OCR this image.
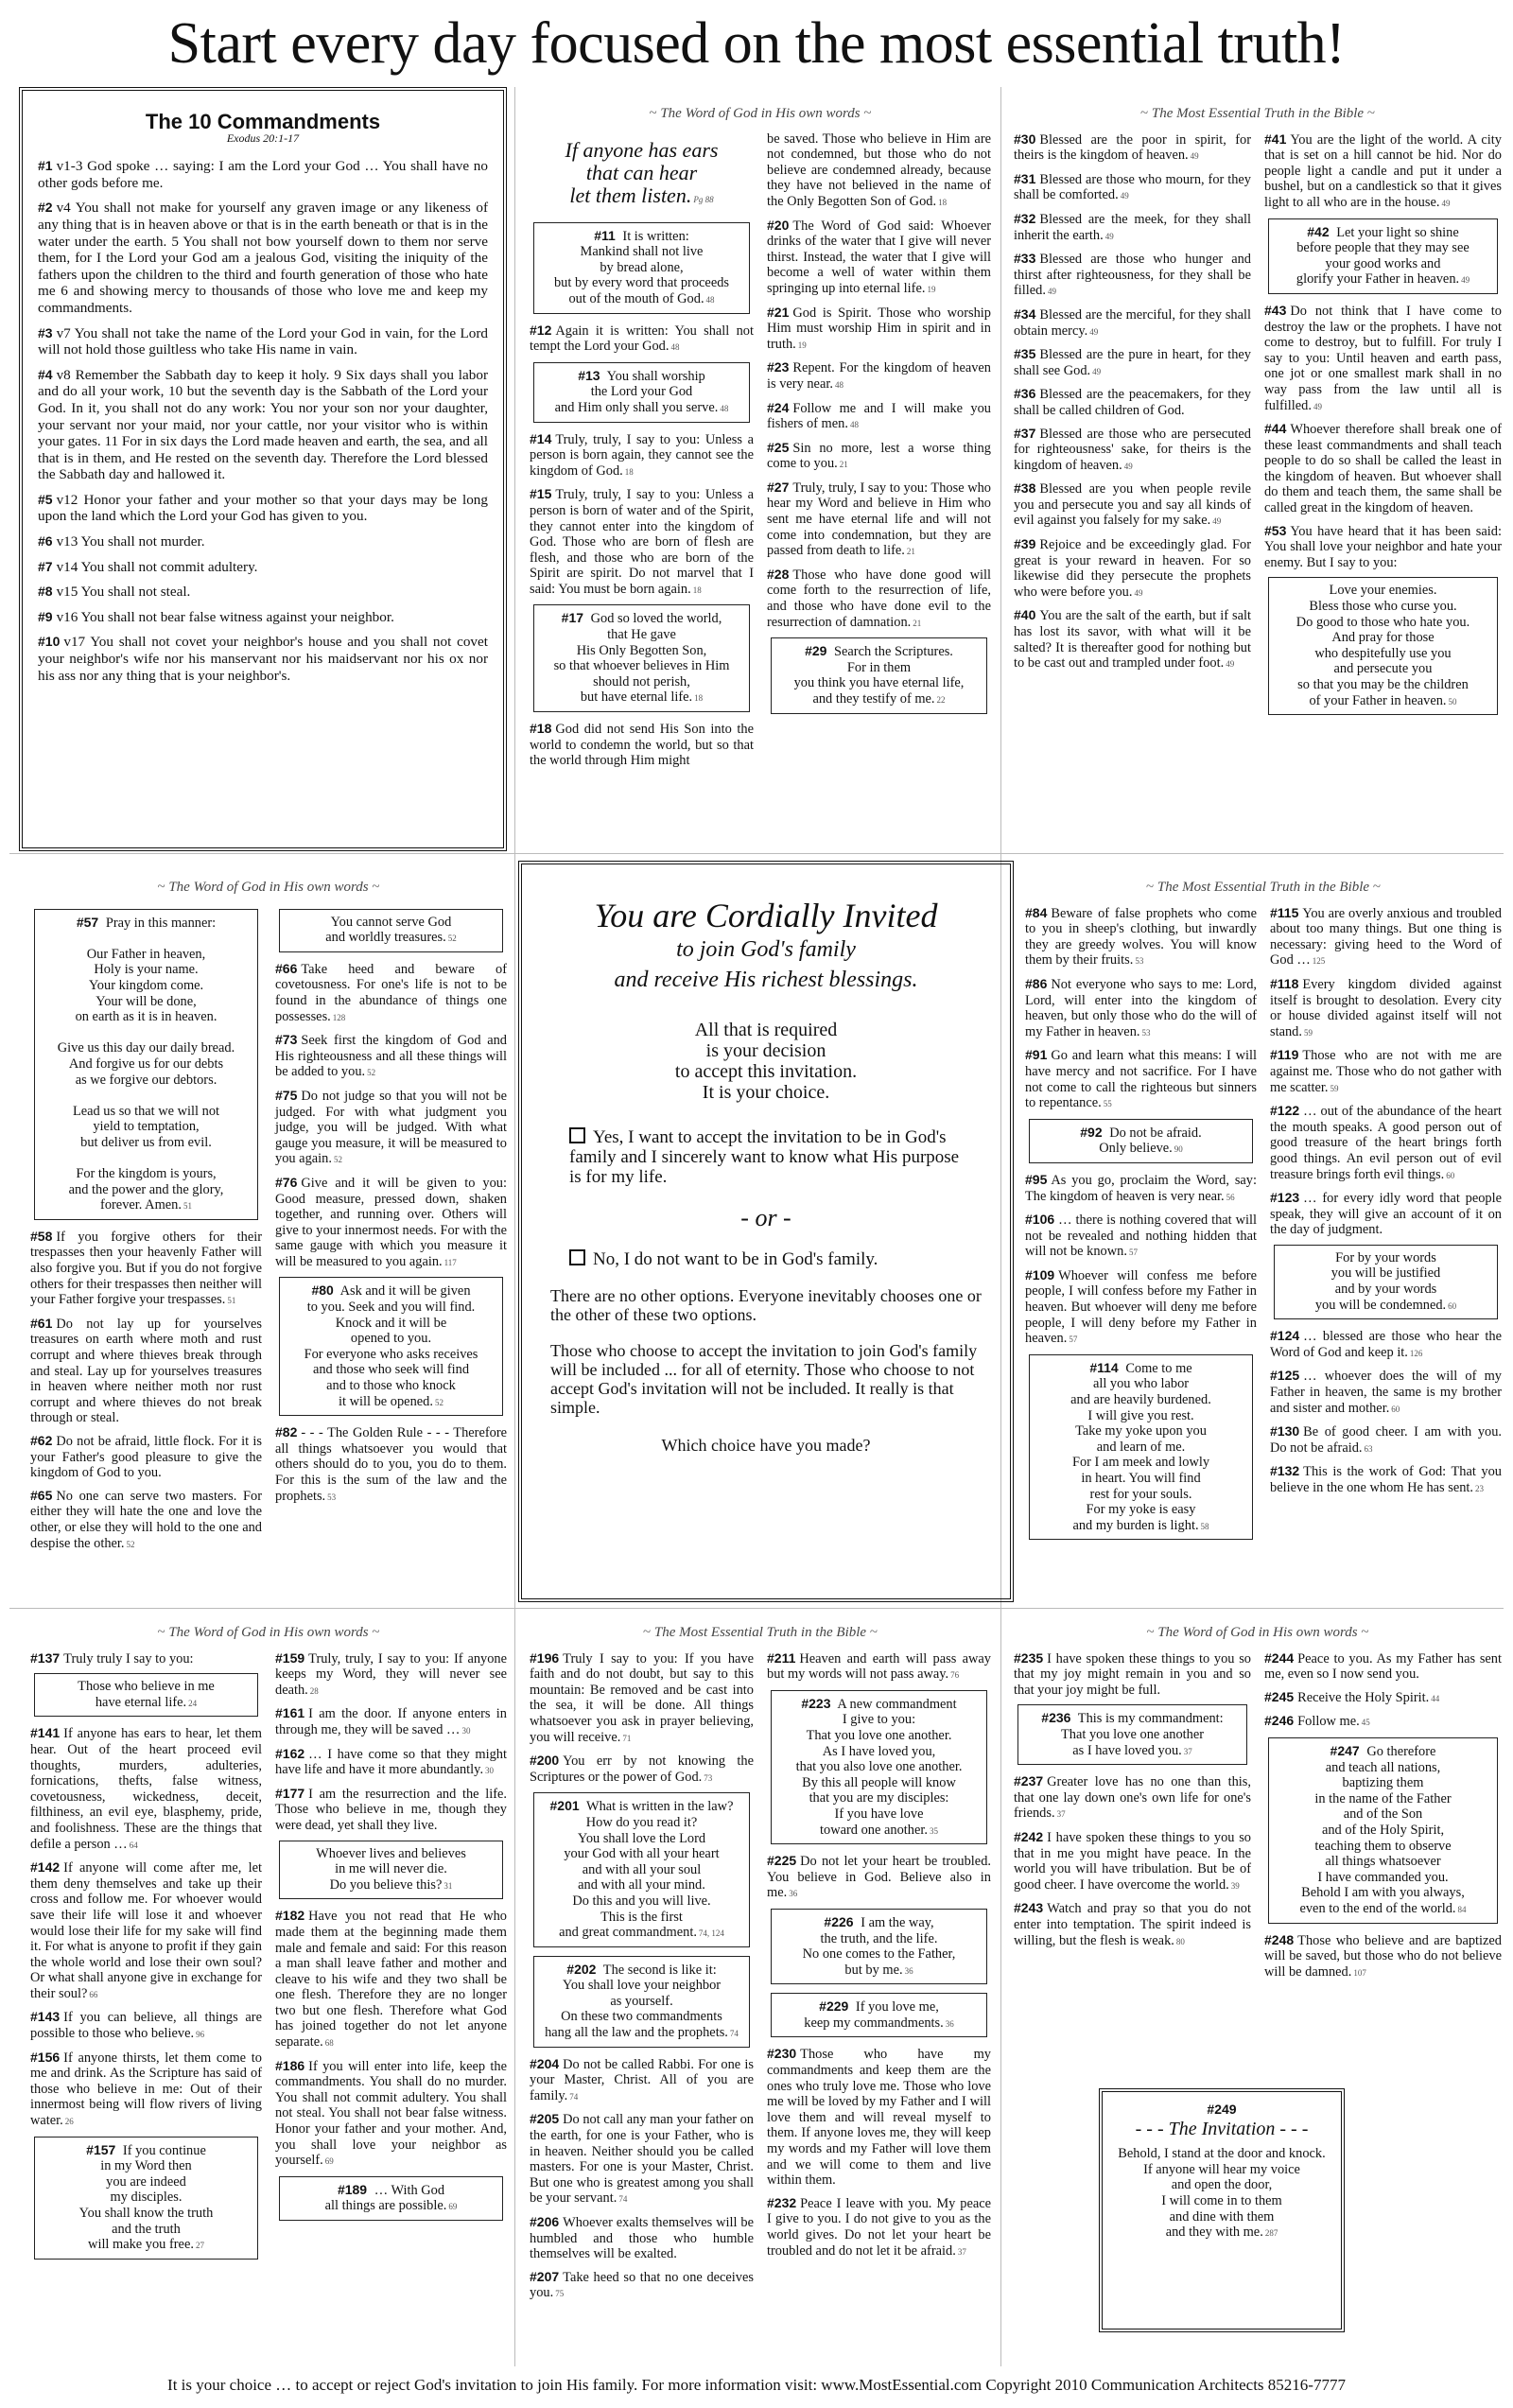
Start every day focused on the most essential truth!
The 10 Commandments
Exodus 20:1-17
#1 v1-3 God spoke … saying: I am the Lord your God … You shall have no other gods before me.
#2 v4 You shall not make for yourself any graven image or any likeness of any thing that is in heaven above or that is in the earth beneath or that is in the water under the earth. 5 You shall not bow yourself down to them nor serve them, for I the Lord your God am a jealous God, visiting the iniquity of the fathers upon the children to the third and fourth generation of those who hate me 6 and showing mercy to thousands of those who love me and keep my commandments.
#3 v7 You shall not take the name of the Lord your God in vain, for the Lord will not hold those guiltless who take His name in vain.
#4 v8 Remember the Sabbath day to keep it holy. 9 Six days shall you labor and do all your work, 10 but the seventh day is the Sabbath of the Lord your God. In it, you shall not do any work: You nor your son nor your daughter, your servant nor your maid, nor your cattle, nor your visitor who is within your gates. 11 For in six days the Lord made heaven and earth, the sea, and all that is in them, and He rested on the seventh day. Therefore the Lord blessed the Sabbath day and hallowed it.
#5 v12 Honor your father and your mother so that your days may be long upon the land which the Lord your God has given to you.
#6 v13 You shall not murder.
#7 v14 You shall not commit adultery.
#8 v15 You shall not steal.
#9 v16 You shall not bear false witness against your neighbor.
#10 v17 You shall not covet your neighbor's house and you shall not covet your neighbor's wife nor his manservant nor his maidservant nor his ox nor his ass nor any thing that is your neighbor's.
~ The Word of God in His own words ~
If anyone has ears
that can hear
let them listen. Pg 88
#11 It is written:
Mankind shall not live
by bread alone,
but by every word that proceeds
out of the mouth of God. 48
#12 Again it is written: You shall not tempt the Lord your God. 48
#13 You shall worship
the Lord your God
and Him only shall you serve. 48
#14 Truly, truly, I say to you: Unless a person is born again, they cannot see the kingdom of God. 18
#15 Truly, truly, I say to you: Unless a person is born of water and of the Spirit, they cannot enter into the kingdom of God. Those who are born of flesh are flesh, and those who are born of the Spirit are spirit. Do not marvel that I said: You must be born again. 18
#17 God so loved the world,
that He gave
His Only Begotten Son,
so that whoever believes in Him
should not perish,
but have eternal life. 18
#18 God did not send His Son into the world to condemn the world, but so that the world through Him might
be saved. Those who believe in Him are not condemned, but those who do not believe are condemned already, because they have not believed in the name of the Only Begotten Son of God. 18
#20 The Word of God said: Whoever drinks of the water that I give will never thirst. Instead, the water that I give will become a well of water within them springing up into eternal life. 19
#21 God is Spirit. Those who worship Him must worship Him in spirit and in truth. 19
#23 Repent. For the kingdom of heaven is very near. 48
#24 Follow me and I will make you fishers of men. 48
#25 Sin no more, lest a worse thing come to you. 21
#27 Truly, truly, I say to you: Those who hear my Word and believe in Him who sent me have eternal life and will not come into condemnation, but they are passed from death to life. 21
#28 Those who have done good will come forth to the resurrection of life, and those who have done evil to the resurrection of damnation. 21
#29 Search the Scriptures.
For in them
you think you have eternal life,
and they testify of me. 22
~ The Most Essential Truth in the Bible ~
#30 Blessed are the poor in spirit, for theirs is the kingdom of heaven. 49
#31 Blessed are those who mourn, for they shall be comforted. 49
#32 Blessed are the meek, for they shall inherit the earth. 49
#33 Blessed are those who hunger and thirst after righteousness, for they shall be filled. 49
#34 Blessed are the merciful, for they shall obtain mercy. 49
#35 Blessed are the pure in heart, for they shall see God. 49
#36 Blessed are the peacemakers, for they shall be called children of God.
#37 Blessed are those who are persecuted for righteousness' sake, for theirs is the kingdom of heaven. 49
#38 Blessed are you when people revile you and persecute you and say all kinds of evil against you falsely for my sake. 49
#39 Rejoice and be exceedingly glad. For great is your reward in heaven. For so likewise did they persecute the prophets who were before you. 49
#40 You are the salt of the earth, but if salt has lost its savor, with what will it be salted? It is thereafter good for nothing but to be cast out and trampled under foot. 49
#41 You are the light of the world. A city that is set on a hill cannot be hid. Nor do people light a candle and put it under a bushel, but on a candlestick so that it gives light to all who are in the house. 49
#42 Let your light so shine
before people that they may see
your good works and
glorify your Father in heaven. 49
#43 Do not think that I have come to destroy the law or the prophets. I have not come to destroy, but to fulfill. For truly I say to you: Until heaven and earth pass, one jot or one smallest mark shall in no way pass from the law until all is fulfilled. 49
#44 Whoever therefore shall break one of these least commandments and shall teach people to do so shall be called the least in the kingdom of heaven. But whoever shall do them and teach them, the same shall be called great in the kingdom of heaven.
#53 You have heard that it has been said: You shall love your neighbor and hate your enemy. But I say to you:
Love your enemies.
Bless those who curse you.
Do good to those who hate you.
And pray for those
who despitefully use you
and persecute you
so that you may be the children
of your Father in heaven. 50
~ The Word of God in His own words ~
#57 Pray in this manner:

Our Father in heaven,
Holy is your name.
Your kingdom come.
Your will be done,
on earth as it is in heaven.

Give us this day our daily bread.
And forgive us for our debts
as we forgive our debtors.

Lead us so that we will not
yield to temptation,
but deliver us from evil.

For the kingdom is yours,
and the power and the glory,
forever. Amen. 51
#58 If you forgive others for their trespasses then your heavenly Father will also forgive you. But if you do not forgive others for their trespasses then neither will your Father forgive your trespasses. 51
#61 Do not lay up for yourselves treasures on earth where moth and rust corrupt and where thieves break through and steal. Lay up for yourselves treasures in heaven where neither moth nor rust corrupt and where thieves do not break through or steal.
#62 Do not be afraid, little flock. For it is your Father's good pleasure to give the kingdom of God to you.
#65 No one can serve two masters. For either they will hate the one and love the other, or else they will hold to the one and despise the other. 52
You cannot serve God
and worldly treasures. 52
#66 Take heed and beware of covetousness. For one's life is not to be found in the abundance of things one possesses. 128
#73 Seek first the kingdom of God and His righteousness and all these things will be added to you. 52
#75 Do not judge so that you will not be judged. For with what judgment you judge, you will be judged. With what gauge you measure, it will be measured to you again. 52
#76 Give and it will be given to you: Good measure, pressed down, shaken together, and running over. Others will give to your innermost needs. For with the same gauge with which you measure it will be measured to you again. 117
#80 Ask and it will be given
to you. Seek and you will find.
Knock and it will be
opened to you.
For everyone who asks receives
and those who seek will find
and to those who knock
it will be opened. 52
#82 - - - The Golden Rule - - - Therefore all things whatsoever you would that others should do to you, you do to them. For this is the sum of the law and the prophets. 53
You are Cordially Invited
to join God's family
and receive His richest blessings.
All that is required
is your decision
to accept this invitation.
It is your choice.
Yes, I want to accept the invitation to be in God's family and I sincerely want to know what His purpose is for my life.
- or -
No, I do not want to be in God's family.
There are no other options. Everyone inevitably chooses one or the other of these two options.
Those who choose to accept the invitation to join God's family will be included ... for all of eternity. Those who choose to not accept God's invitation will not be included. It really is that simple.
Which choice have you made?
~ The Most Essential Truth in the Bible ~
#84 Beware of false prophets who come to you in sheep's clothing, but inwardly they are greedy wolves. You will know them by their fruits. 53
#86 Not everyone who says to me: Lord, Lord, will enter into the kingdom of heaven, but only those who do the will of my Father in heaven. 53
#91 Go and learn what this means: I will have mercy and not sacrifice. For I have not come to call the righteous but sinners to repentance. 55
#92 Do not be afraid.
Only believe. 90
#95 As you go, proclaim the Word, say: The kingdom of heaven is very near. 56
#106 … there is nothing covered that will not be revealed and nothing hidden that will not be known. 57
#109 Whoever will confess me before people, I will confess before my Father in heaven. But whoever will deny me before people, I will deny before my Father in heaven. 57
#114 Come to me
all you who labor
and are heavily burdened.
I will give you rest.
Take my yoke upon you
and learn of me.
For I am meek and lowly
in heart. You will find
rest for your souls.
For my yoke is easy
and my burden is light. 58
#115 You are overly anxious and troubled about too many things. But one thing is necessary: giving heed to the Word of God … 125
#118 Every kingdom divided against itself is brought to desolation. Every city or house divided against itself will not stand. 59
#119 Those who are not with me are against me. Those who do not gather with me scatter. 59
#122 … out of the abundance of the heart the mouth speaks. A good person out of good treasure of the heart brings forth good things. An evil person out of evil treasure brings forth evil things. 60
#123 … for every idly word that people speak, they will give an account of it on the day of judgment.
For by your words
you will be justified
and by your words
you will be condemned. 60
#124 … blessed are those who hear the Word of God and keep it. 126
#125 … whoever does the will of my Father in heaven, the same is my brother and sister and mother. 60
#130 Be of good cheer. I am with you. Do not be afraid. 63
#132 This is the work of God: That you believe in the one whom He has sent. 23
~ The Word of God in His own words ~
#137 Truly truly I say to you:
Those who believe in me
have eternal life. 24
#141 If anyone has ears to hear, let them hear. Out of the heart proceed evil thoughts, murders, adulteries, fornications, thefts, false witness, covetousness, wickedness, deceit, filthiness, an evil eye, blasphemy, pride, and foolishness. These are the things that defile a person … 64
#142 If anyone will come after me, let them deny themselves and take up their cross and follow me. For whoever would save their life will lose it and whoever would lose their life for my sake will find it. For what is anyone to profit if they gain the whole world and lose their own soul? Or what shall anyone give in exchange for their soul? 66
#143 If you can believe, all things are possible to those who believe. 96
#156 If anyone thirsts, let them come to me and drink. As the Scripture has said of those who believe in me: Out of their innermost being will flow rivers of living water. 26
#157 If you continue
in my Word then
you are indeed
my disciples.
You shall know the truth
and the truth
will make you free. 27
#159 Truly, truly, I say to you: If anyone keeps my Word, they will never see death. 28
#161 I am the door. If anyone enters in through me, they will be saved … 30
#162 … I have come so that they might have life and have it more abundantly. 30
#177 I am the resurrection and the life. Those who believe in me, though they were dead, yet shall they live.
Whoever lives and believes
in me will never die.
Do you believe this? 31
#182 Have you not read that He who made them at the beginning made them male and female and said: For this reason a man shall leave father and mother and cleave to his wife and they two shall be one flesh. Therefore they are no longer two but one flesh. Therefore what God has joined together do not let anyone separate. 68
#186 If you will enter into life, keep the commandments. You shall do no murder. You shall not commit adultery. You shall not steal. You shall not bear false witness. Honor your father and your mother. And, you shall love your neighbor as yourself. 69
#189 … With God
all things are possible. 69
~ The Most Essential Truth in the Bible ~
#196 Truly I say to you: If you have faith and do not doubt, but say to this mountain: Be removed and be cast into the sea, it will be done. All things whatsoever you ask in prayer believing, you will receive. 71
#200 You err by not knowing the Scriptures or the power of God. 73
#201 What is written in the law?
How do you read it?
You shall love the Lord
your God with all your heart
and with all your soul
and with all your mind.
Do this and you will live.
This is the first
and great commandment. 74, 124
#202 The second is like it:
You shall love your neighbor
as yourself.
On these two commandments
hang all the law and the prophets. 74
#204 Do not be called Rabbi. For one is your Master, Christ. All of you are family. 74
#205 Do not call any man your father on the earth, for one is your Father, who is in heaven. Neither should you be called masters. For one is your Master, Christ. But one who is greatest among you shall be your servant. 74
#206 Whoever exalts themselves will be humbled and those who humble themselves will be exalted.
#207 Take heed so that no one deceives you. 75
#211 Heaven and earth will pass away but my words will not pass away. 76
#223 A new commandment
I give to you:
That you love one another.
As I have loved you,
that you also love one another.
By this all people will know
that you are my disciples:
If you have love
toward one another. 35
#225 Do not let your heart be troubled. You believe in God. Believe also in me. 36
#226 I am the way,
the truth, and the life.
No one comes to the Father,
but by me. 36
#229 If you love me,
keep my commandments. 36
#230 Those who have my commandments and keep them are the ones who truly love me. Those who love me will be loved by my Father and I will love them and will reveal myself to them. If anyone loves me, they will keep my words and my Father will love them and we will come to them and live within them.
#232 Peace I leave with you. My peace I give to you. I do not give to you as the world gives. Do not let your heart be troubled and do not let it be afraid. 37
~ The Word of God in His own words ~
#235 I have spoken these things to you so that my joy might remain in you and so that your joy might be full.
#236 This is my commandment:
That you love one another
as I have loved you. 37
#237 Greater love has no one than this, that one lay down one's own life for one's friends. 37
#242 I have spoken these things to you so that in me you might have peace. In the world you will have tribulation. But be of good cheer. I have overcome the world. 39
#243 Watch and pray so that you do not enter into temptation. The spirit indeed is willing, but the flesh is weak. 80
#244 Peace to you. As my Father has sent me, even so I now send you.
#245 Receive the Holy Spirit. 44
#246 Follow me. 45
#247 Go therefore
and teach all nations,
baptizing them
in the name of the Father
and of the Son
and of the Holy Spirit,
teaching them to observe
all things whatsoever
I have commanded you.
Behold I am with you always,
even to the end of the world. 84
#248 Those who believe and are baptized will be saved, but those who do not believe will be damned. 107
#249
- - - The Invitation - - -
Behold, I stand at the door and knock.
If anyone will hear my voice
and open the door,
I will come in to them
and dine with them
and they with me. 287
It is your choice … to accept or reject God's invitation to join His family. For more information visit: www.MostEssential.com Copyright 2010 Communication Architects 85216-7777
